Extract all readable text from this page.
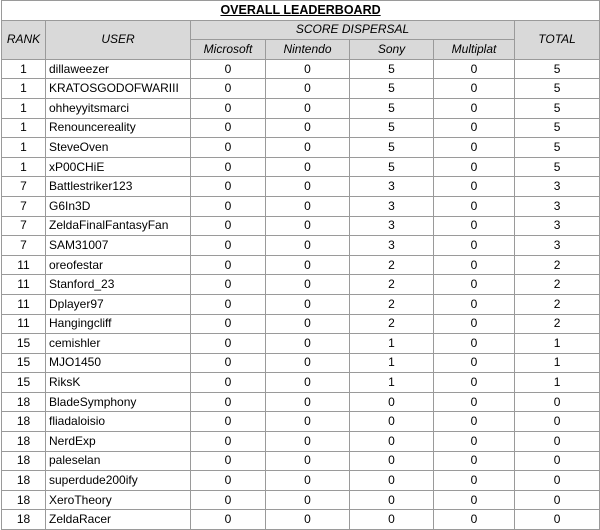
OVERALL LEADERBOARD						
RANK	USER	SCORE DISPERSAL				TOTAL
		Microsoft	Nintendo	Sony	Multiplat	
1	dillaweezer	0	0	5	0	5
1	KRATOSGODOFWARIII	0	0	5	0	5
1	ohheyyitsmarci	0	0	5	0	5
1	Renouncereality	0	0	5	0	5
1	SteveOven	0	0	5	0	5
1	xP00CHiE	0	0	5	0	5
7	Battlestriker123	0	0	3	0	3
7	G6In3D	0	0	3	0	3
7	ZeldaFinalFantasyFan	0	0	3	0	3
7	SAM31007	0	0	3	0	3
11	oreofestar	0	0	2	0	2
11	Stanford_23	0	0	2	0	2
11	Dplayer97	0	0	2	0	2
11	Hangingcliff	0	0	2	0	2
15	cemishler	0	0	1	0	1
15	MJO1450	0	0	1	0	1
15	RiksK	0	0	1	0	1
18	BladeSymphony	0	0	0	0	0
18	fliadaloisio	0	0	0	0	0
18	NerdExp	0	0	0	0	0
18	paleselan	0	0	0	0	0
18	superdude200ify	0	0	0	0	0
18	XeroTheory	0	0	0	0	0
18	ZeldaRacer	0	0	0	0	0
